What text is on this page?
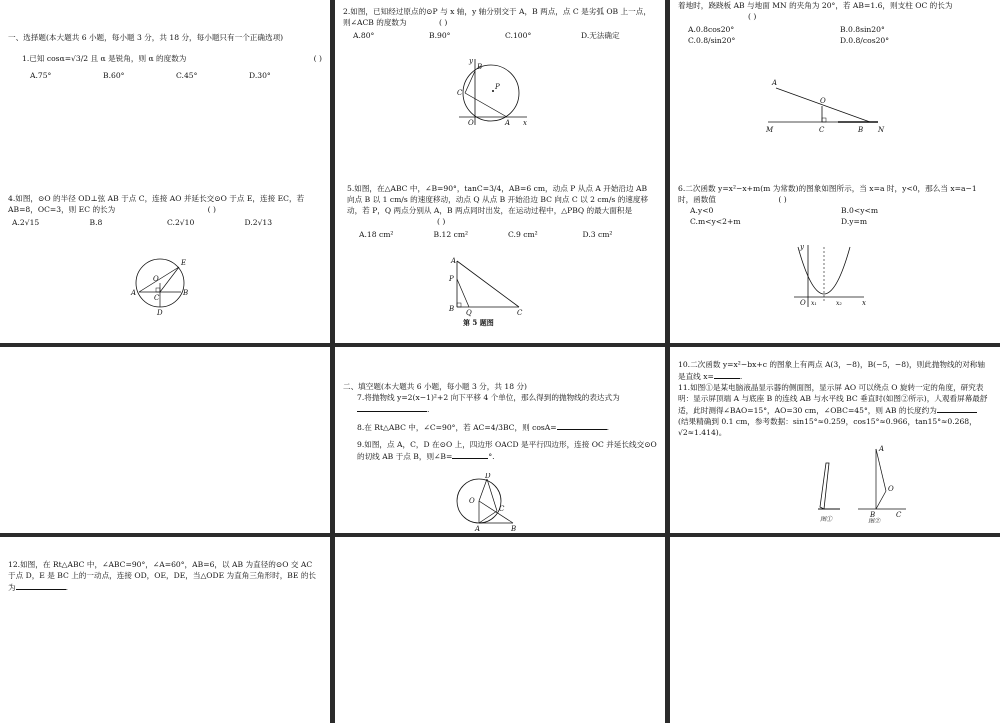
一、选择题(本大题共 6 小题，每小题 3 分，共 18 分，每小题只有一个正确选项)

1.已知 cosα=√3/2 且 α 是锐角，则 α 的度数为	( )
A.75°	B.60°	C.45°	D.30°

2.如图，已知经过原点的⊙P 与 x 轴，y 轴分别交于 A，B 两点，点 C 是劣弧 OB 上一点，则∠ACB 的度数为	( )

A.80°	B.90°	C.100°	D.无法确定
y
B
C
P
O	A x

着地时，跷跷板 AB 与地面 MN 的夹角为 20°，若 AB=1.6，则支柱 OC 的长为 ( )

A.0.8cos20°	B.0.8sin20°
C.0.8/sin20°	D.0.8/cos20°
A
O
M	C	B N

4.如图，⊙O 的半径 OD⊥弦 AB 于点 C，连接 AO 并延长交⊙O 于点 E，连接 EC，若 AB=8，OC=3，则 EC 的长为	( )

A.2√15	B.8	C.2√10	D.2√13
E
O
A
C
B
D

5.如图，在△ABC 中，∠B=90°，tanC=3/4，AB=6 cm，动点 P 从点 A 开始沿边 AB 向点 B 以 1 cm/s 的速度移动，动点 Q 从点 B 开始沿边 BC 向点 C 以 2 cm/s 的速度移动，若 P，Q 两点分别从 A，B 两点同时出发，在运动过程中，△PBQ 的最大面积是 ( )

A.18 cm²	B.12 cm²	C.9 cm²	D.3 cm²
A
P
B Q	C

第 5 题图

6.二次函数 y=x²−x+m(m 为常数)的图象如图所示，当 x=a 时，y<0，那么当 x=a−1 时，函数值	( )

A.y<0	B.0<y<m
C.m<y<2+m	D.y=m
y
O x₁	x₂	x

二、填空题(本大题共 6 小题，每小题 3 分，共 18 分)

7.将抛物线 y=2(x−1)²+2 向下平移 4 个单位，那么得到的抛物线的表达式为.

8.在 Rt△ABC 中，∠C=90°，若 AC=4/3BC，则 cosA=	.

9.如图，点 A，C，D 在⊙O 上，四边形 OACD 是平行四边形，连接 OC 并延长线交⊙O 的切线 AB 于点 B，则∠B=	°.

D
C
O
A	B

10.二次函数 y=x²−bx+c 的图象上有两点 A(3，−8)，B(−5，−8)，则此抛物线的对称轴是直线 x=	.

11.如图①是某电脑液晶显示器的侧面图，显示屏 AO 可以绕点 O 旋转一定的角度，研究表明：显示屏顶端 A 与底座 B 的连线 AB 与水平线 BC 垂直时(如图②所示)，人观看屏幕最舒适，此时测得∠BAO=15°，AO=30 cm，∠OBC=45°，则 AB 的长度约为

(结果精确到 0.1 cm，参考数据：sin15°≈0.259，cos15°≈0.966，tan15°≈0.268，√2≈1.414)。

A
O
B	C
图①	图②

12.如图，在 Rt△ABC 中，∠ABC=90°，∠A=60°，AB=6，以 AB 为直径的⊙O 交 AC 于点 D，E 是 BC 上的一动点，连接 OD，OE，DE，当△ODE 为直角三角形时，BE 的长为	.
